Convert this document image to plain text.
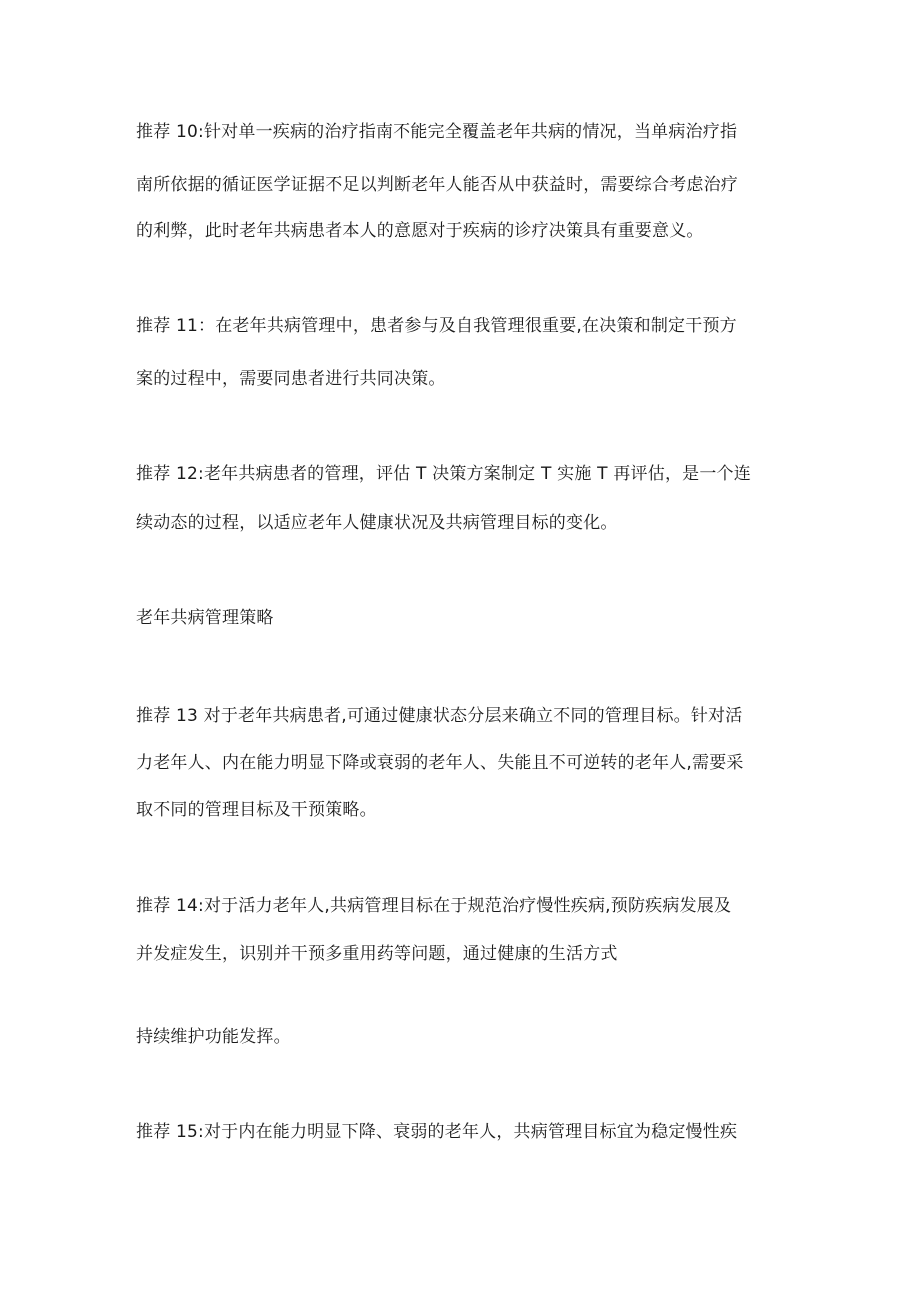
推荐 10:针对单一疾病的治疗指南不能完全覆盖老年共病的情况，当单病治疗指
南所依据的循证医学证据不足以判断老年人能否从中获益时，需要综合考虑治疗
的利弊，此时老年共病患者本人的意愿对于疾病的诊疗决策具有重要意义。
推荐 11：在老年共病管理中，患者参与及自我管理很重要,在决策和制定干预方
案的过程中，需要同患者进行共同决策。
推荐 12:老年共病患者的管理，评估 T 决策方案制定 T 实施 T 再评估，是一个连
续动态的过程，以适应老年人健康状况及共病管理目标的变化。
老年共病管理策略
推荐 13 对于老年共病患者,可通过健康状态分层来确立不同的管理目标。针对活
力老年人、内在能力明显下降或衰弱的老年人、失能且不可逆转的老年人,需要采
取不同的管理目标及干预策略。
推荐 14:对于活力老年人,共病管理目标在于规范治疗慢性疾病,预防疾病发展及
并发症发生，识别并干预多重用药等问题，通过健康的生活方式
持续维护功能发挥。
推荐 15:对于内在能力明显下降、衰弱的老年人，共病管理目标宜为稳定慢性疾
